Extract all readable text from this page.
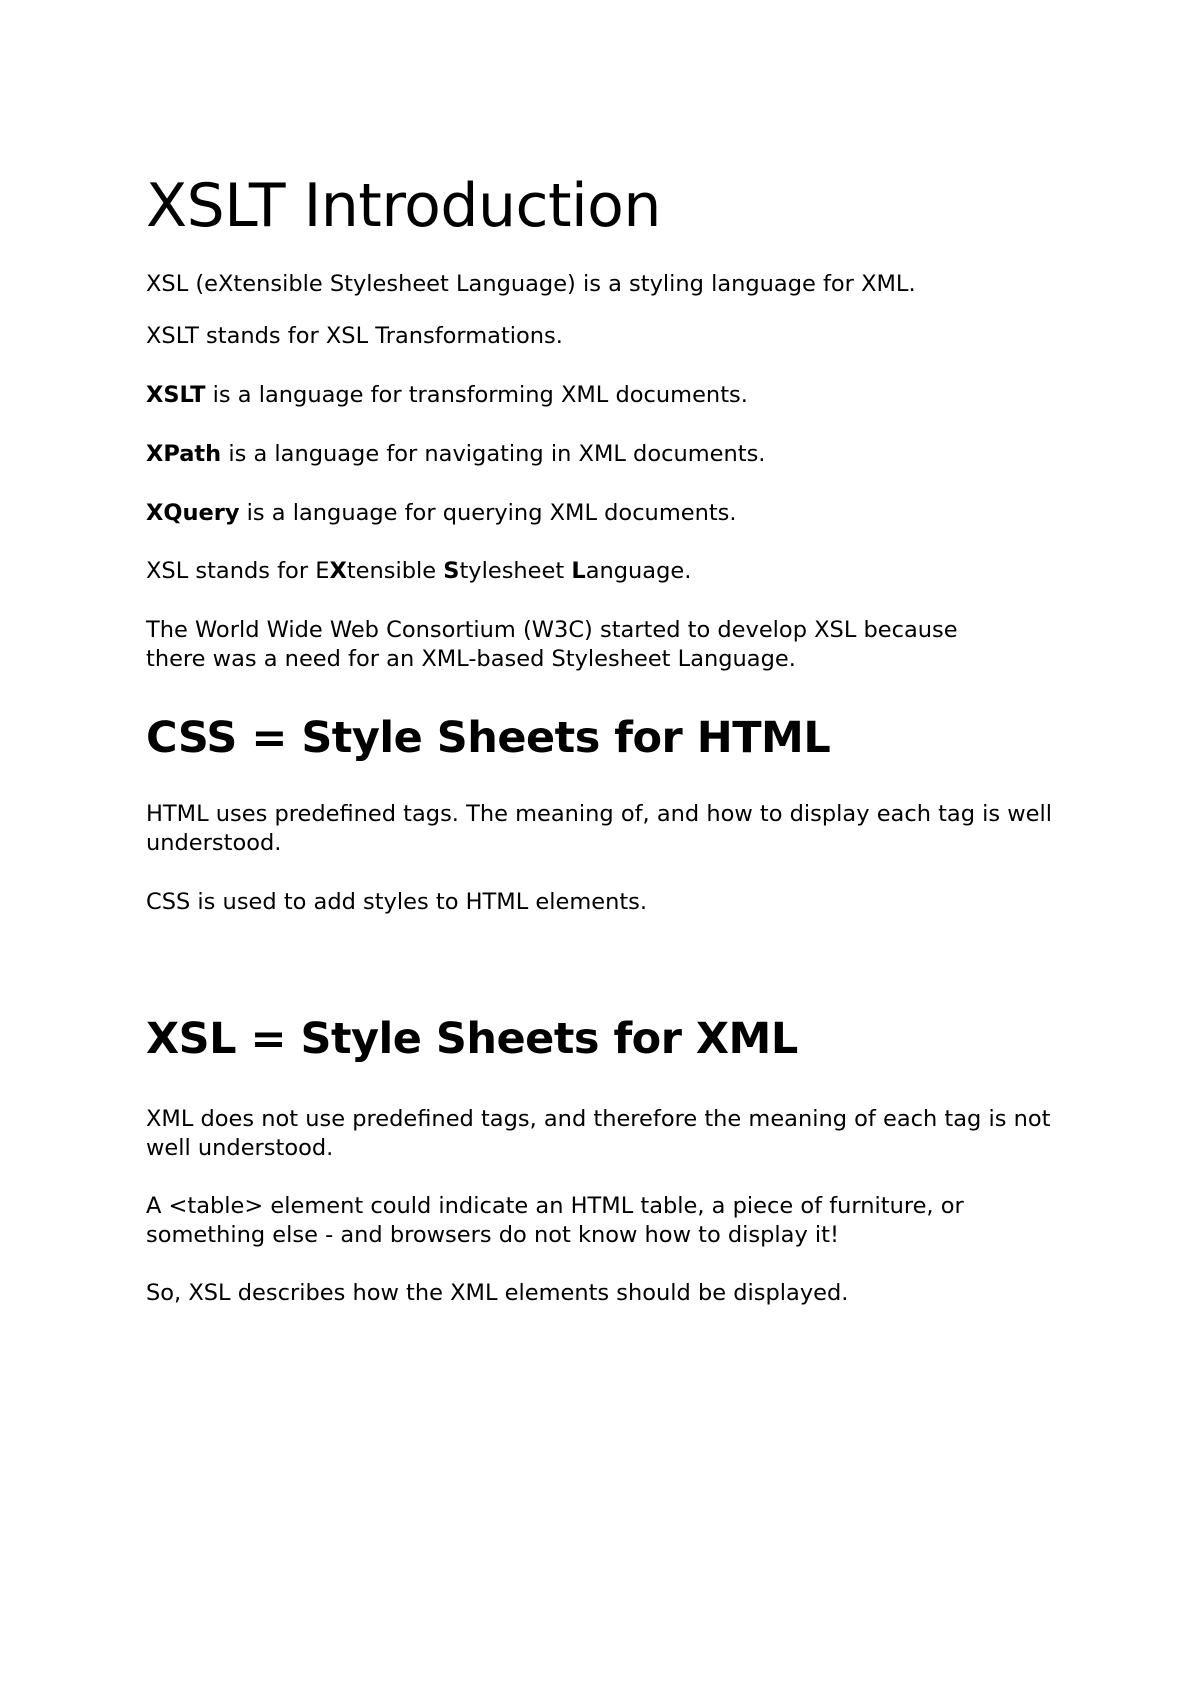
XSLT Introduction

XSL (eXtensible Stylesheet Language) is a styling language for XML.

XSLT stands for XSL Transformations.

XSLT is a language for transforming XML documents.

XPath is a language for navigating in XML documents.

XQuery is a language for querying XML documents.

XSL stands for EXtensible Stylesheet Language.

The World Wide Web Consortium (W3C) started to develop XSL because there was a need for an XML-based Stylesheet Language.

CSS = Style Sheets for HTML

HTML uses predefined tags. The meaning of, and how to display each tag is well understood.

CSS is used to add styles to HTML elements.

XSL = Style Sheets for XML

XML does not use predefined tags, and therefore the meaning of each tag is not well understood.

A <table> element could indicate an HTML table, a piece of furniture, or something else - and browsers do not know how to display it!

So, XSL describes how the XML elements should be displayed.
